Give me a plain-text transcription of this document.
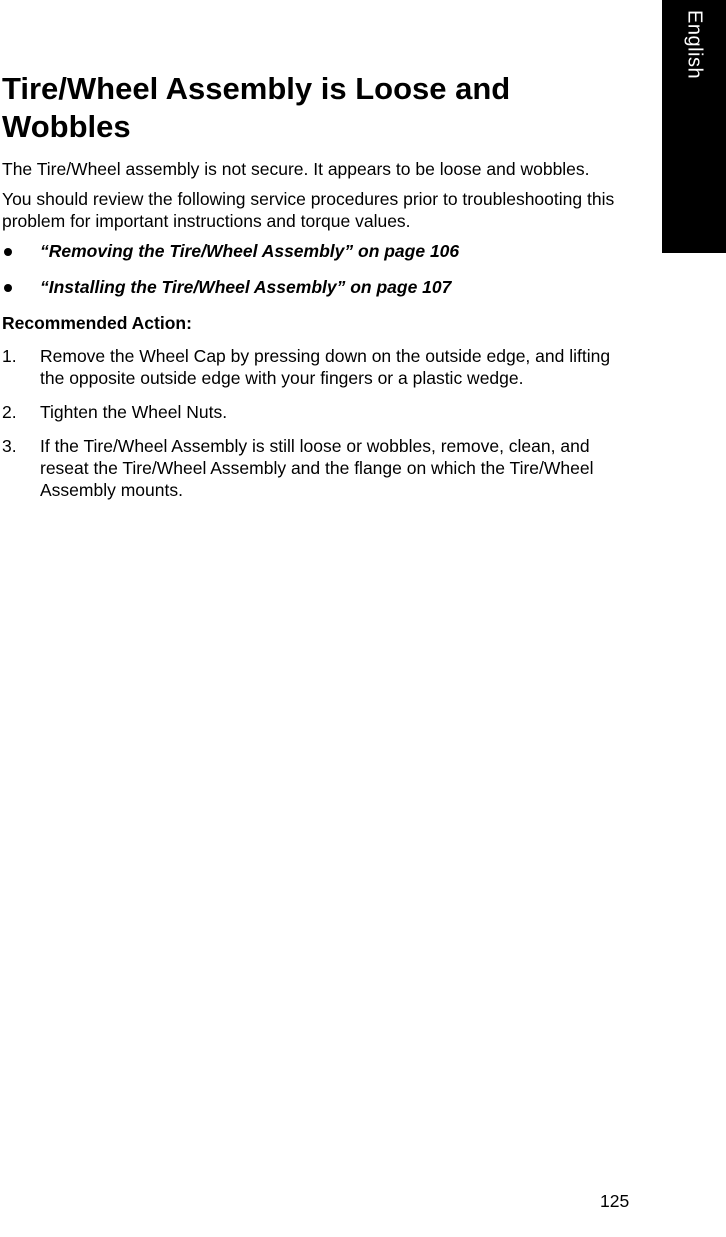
English
Tire/Wheel Assembly is Loose and Wobbles

The Tire/Wheel assembly is not secure. It appears to be loose and wobbles.

You should review the following service procedures prior to troubleshooting this problem for important instructions and torque values.

“Removing the Tire/Wheel Assembly” on page 106
“Installing the Tire/Wheel Assembly” on page 107

Recommended Action:

1. Remove the Wheel Cap by pressing down on the outside edge, and lifting the opposite outside edge with your fingers or a plastic wedge.
2. Tighten the Wheel Nuts.
3. If the Tire/Wheel Assembly is still loose or wobbles, remove, clean, and reseat the Tire/Wheel Assembly and the flange on which the Tire/Wheel Assembly mounts.
125
